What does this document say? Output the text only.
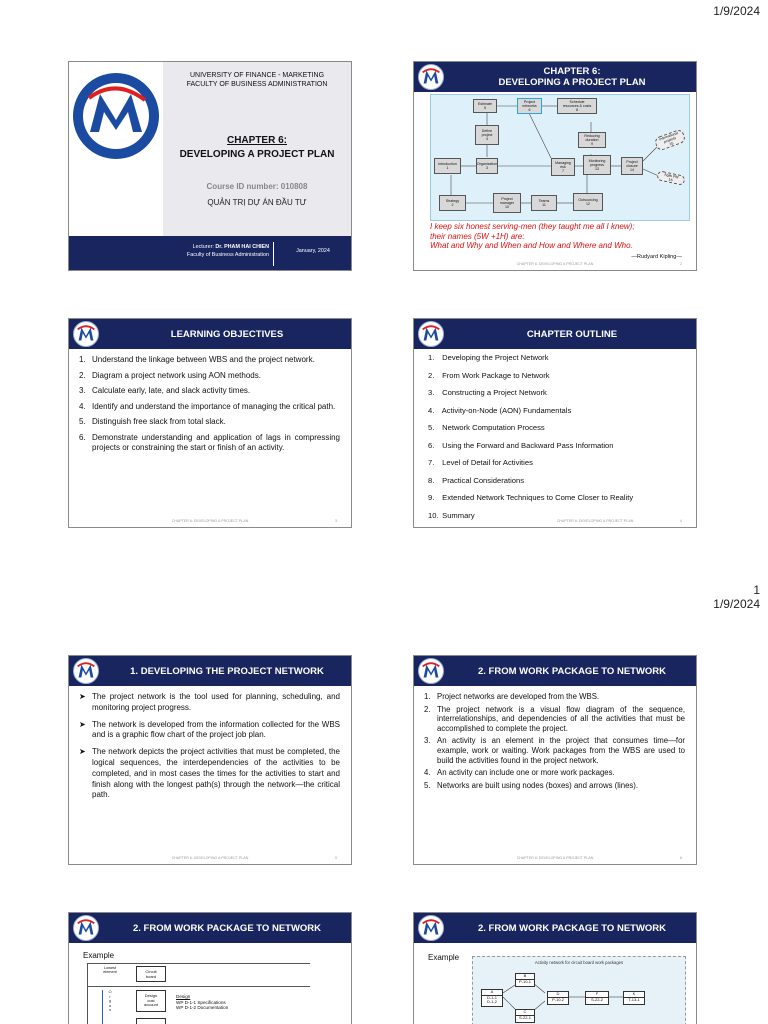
1/9/2024
1
1/9/2024
UNIVERSITY OF FINANCE - MARKETING
FACULTY OF BUSINESS ADMINISTRATION
CHAPTER 6:
DEVELOPING A PROJECT PLAN
Course ID number: 010808
QUẢN TRỊ DỰ ÁN ĐẦU TƯ
Lecturer: Dr. PHAM HAI CHIEN
Faculty of Business Administration
January, 2024
CHAPTER 6:
DEVELOPING A PROJECT PLAN
Estimate
5
Project
networks
6
Schedule
resources & costs
8
Define
project
4
Reducing
duration
9
Introduction
1
Organization
3
Managing
risk
7
Monitoring
progress
13
Project
closure
14
Strategy
2
Project
manager
10
Teams
11
Outsourcing
12
International
projects
15
Agile PM
16
I keep six honest serving-men (they taught me all I knew);
their names (5W +1H) are:
What and Why and When and How and Where and Who.
—Rudyard Kipling—
CHAPTER 6: DEVELOPING A PROJECT PLAN	2
LEARNING OBJECTIVES
1. Understand the linkage between WBS and the project network.
2. Diagram a project network using AON methods.
3. Calculate early, late, and slack activity times.
4. Identify and understand the importance of managing the critical path.
5. Distinguish free slack from total slack.
6. Demonstrate understanding and application of lags in compressing projects or constraining the start or finish of an activity.
CHAPTER 6: DEVELOPING A PROJECT PLAN	3
CHAPTER OUTLINE
1. Developing the Project Network
2. From Work Package to Network
3. Constructing a Project Network
4. Activity-on-Node (AON) Fundamentals
5. Network Computation Process
6. Using the Forward and Backward Pass Information
7. Level of Detail for Activities
8. Practical Considerations
9. Extended Network Techniques to Come Closer to Reality
10. Summary
CHAPTER 6: DEVELOPING A PROJECT PLAN	4
1. DEVELOPING THE PROJECT NETWORK
➤ The project network is the tool used for planning, scheduling, and monitoring project progress.
➤ The network is developed from the information collected for the WBS and is a graphic flow chart of the project job plan.
➤ The network depicts the project activities that must be completed, the logical sequences, the interdependencies of the activities to be completed, and in most cases the times for the activities to start and finish along with the longest path(s) through the network—the critical path.
CHAPTER 6: DEVELOPING A PROJECT PLAN	5
2. FROM WORK PACKAGE TO NETWORK
1. Project networks are developed from the WBS.
2. The project network is a visual flow diagram of the sequence, interrelationships, and dependencies of all the activities that must be accomplished to complete the project.
3. An activity is an element in the project that consumes time—for example, work or waiting. Work packages from the WBS are used to build the activities found in the project network.
4. An activity can include one or more work packages.
5. Networks are built using nodes (boxes) and arrows (lines).
CHAPTER 6: DEVELOPING A PROJECT PLAN	6
2. FROM WORK PACKAGE TO NETWORK
Example
Lowest
element	Circuit
board
O
r
g
a
n
Design
cost
account
Design
WP D-1-1 Specifications
WP D-1-2 Documentation
2. FROM WORK PACKAGE TO NETWORK
Example
Activity network for circuit board work packages
B
P-10-1
A
D-1-1
D-1-2
D
P-10-2
F
S-22-2
K
T-13-1
C
S-22-1
